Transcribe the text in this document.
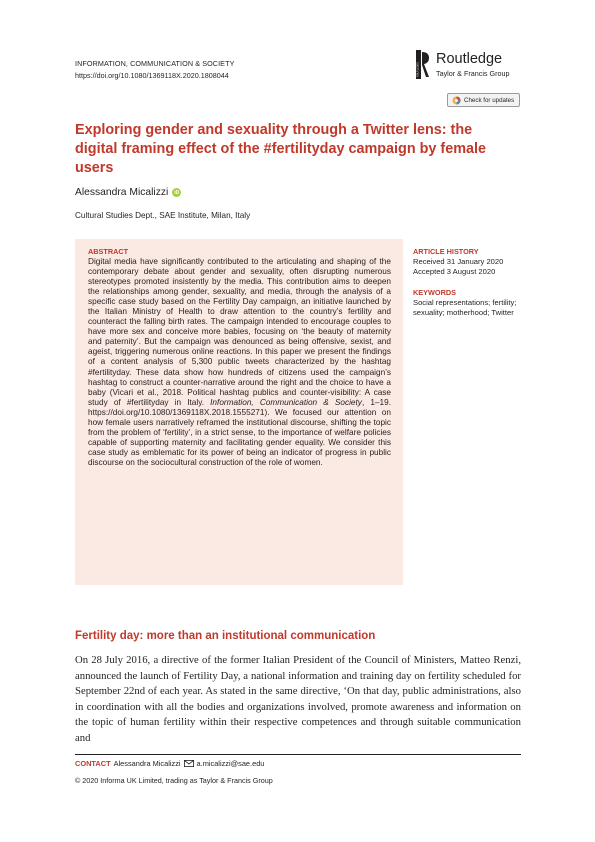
INFORMATION, COMMUNICATION & SOCIETY
https://doi.org/10.1080/1369118X.2020.1808044	ROUTLEDGE
Routledge
Taylor & Francis Group
Check for updates
Exploring gender and sexuality through a Twitter lens: the digital framing effect of the #fertilityday campaign by female users
Alessandra Micalizzi	iD
Cultural Studies Dept., SAE Institute, Milan, Italy
ABSTRACT

Digital media have significantly contributed to the articulating and shaping of the contemporary debate about gender and sexuality, often disrupting numerous stereotypes promoted insistently by the media. This contribution aims to deepen the relationships among gender, sexuality, and media, through the analysis of a specific case study based on the Fertility Day campaign, an initiative launched by the Italian Ministry of Health to draw attention to the country’s fertility and counteract the falling birth rates. The campaign intended to encourage couples to have more sex and conceive more babies, focusing on ‘the beauty of maternity and paternity’. But the campaign was denounced as being offensive, sexist, and ageist, triggering numerous online reactions. In this paper we present the findings of a content analysis of 5,300 public tweets characterized by the hashtag #fertilityday. These data show how hundreds of citizens used the campaign’s hashtag to construct a counter-narrative around the right and the choice to have a baby (Vicari et al., 2018. Political hashtag publics and counter-visibility: A case study of #fertilityday in Italy. Information, Communication & Society, 1–19. https://doi.org/10.1080/1369118X.2018.1555271). We focused our attention on how female users narratively reframed the institutional discourse, shifting the topic from the problem of ‘fertility’, in a strict sense, to the importance of welfare policies capable of supporting maternity and facilitating gender equality. We consider this case study as emblematic for its power of being an indicator of progress in public discourse on the sociocultural construction of the role of women.

ARTICLE HISTORY
Received 31 January 2020
Accepted 3 August 2020
KEYWORDS
Social representations; fertility; sexuality; motherhood; Twitter
Fertility day: more than an institutional communication

On 28 July 2016, a directive of the former Italian President of the Council of Ministers, Matteo Renzi, announced the launch of Fertility Day, a national information and training day on fertility scheduled for September 22nd of each year. As stated in the same directive, ‘On that day, public administrations, also in coordination with all the bodies and organizations involved, promote awareness and information on the topic of human fertility within their respective competences and through suitable communication and

CONTACT Alessandra Micalizzi a.micalizzi@sae.edu
© 2020 Informa UK Limited, trading as Taylor & Francis Group
